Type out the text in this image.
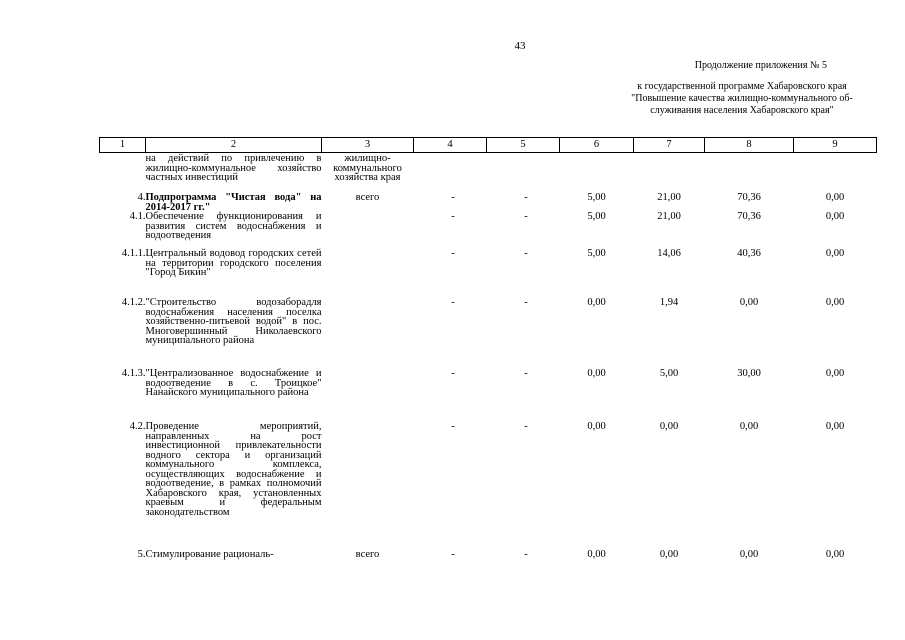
43
Продолжение приложения № 5
к государственной программе Хабаровского края
"Повышение качества жилищно-коммунального об-
служивания населения Хабаровского края"
1	2	3	4	5	6	7	8	9
	на действий по привлечению в жилищно-коммунальное хозяйство частных инвестиций	жилищно-коммунального хозяйства края						
4.	Подпрограмма "Чистая вода" на 2014-2017 гг."	всего	-	-	5,00	21,00	70,36	0,00
4.1.	Обеспечение функционирования и развития систем водоснабжения и водоотведения		-	-	5,00	21,00	70,36	0,00
4.1.1.	Центральный водовод городских сетей на территории городского поселения "Город Бикин"		-	-	5,00	14,06	40,36	0,00
4.1.2.	"Строительство водозаборадля водоснабжения населения поселка хозяйственно-питьевой водой" в пос. Многовершинный Николаевского муниципального района		-	-	0,00	1,94	0,00	0,00
4.1.3.	"Централизованное водоснабжение и водоотведение в с. Троицкое" Нанайского муниципального района		-	-	0,00	5,00	30,00	0,00
4.2.	Проведение мероприятий, направленных на рост инвестиционной привлекательности водного сектора и организаций коммунального комплекса, осуществляющих водоснабжение и водоотведение, в рамках полномочий Хабаровского края, установленных краевым и федеральным законодательством		-	-	0,00	0,00	0,00	0,00
5.	Стимулирование рациональ-	всего	-	-	0,00	0,00	0,00	0,00
